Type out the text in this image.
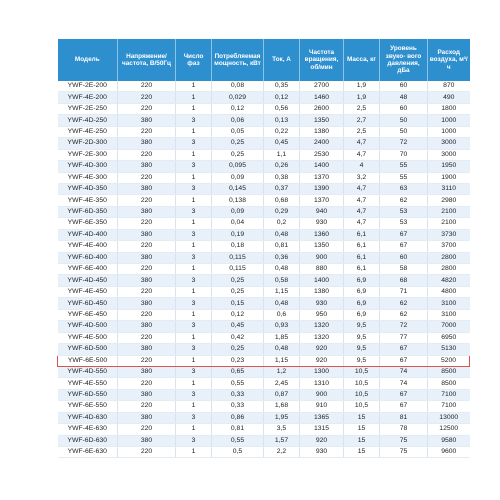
Модель	Напряжение/ частота, В/50Гц	Число фаз	Потребляемая мощность, кВт	Ток, А	Частота вращения, об/мин	Масса, кг	Уровень звуко- вого давления, дБа	Расход воздуха, м³/ч
YWF-2E-200	220	1	0,08	0,35	2700	1,9	60	870
YWF-4E-200	220	1	0,029	0,12	1460	1,9	48	490
YWF-2E-250	220	1	0,12	0,56	2600	2,5	60	1800
YWF-4D-250	380	3	0,06	0,13	1350	2,7	50	1000
YWF-4E-250	220	1	0,05	0,22	1380	2,5	50	1000
YWF-2D-300	380	3	0,25	0,45	2400	4,7	72	3000
YWF-2E-300	220	1	0,25	1,1	2530	4,7	70	3000
YWF-4D-300	380	3	0,095	0,26	1400	4	55	1950
YWF-4E-300	220	1	0,09	0,38	1370	3,2	55	1900
YWF-4D-350	380	3	0,145	0,37	1390	4,7	63	3110
YWF-4E-350	220	1	0,138	0,68	1370	4,7	62	2980
YWF-6D-350	380	3	0,09	0,29	940	4,7	53	2100
YWF-6E-350	220	1	0,04	0,2	930	4,7	53	2100
YWF-4D-400	380	3	0,19	0,48	1360	6,1	67	3730
YWF-4E-400	220	1	0,18	0,81	1350	6,1	67	3700
YWF-6D-400	380	3	0,115	0,36	900	6,1	60	2800
YWF-6E-400	220	1	0,115	0,48	880	6,1	58	2800
YWF-4D-450	380	3	0,25	0,58	1400	6,9	68	4820
YWF-4E-450	220	1	0,25	1,15	1380	6,9	71	4800
YWF-6D-450	380	3	0,15	0,48	930	6,9	62	3100
YWF-6E-450	220	1	0,12	0,6	950	6,9	62	3100
YWF-4D-500	380	3	0,45	0,93	1320	9,5	72	7000
YWF-4E-500	220	1	0,42	1,85	1320	9,5	77	6950
YWF-6D-500	380	3	0,25	0,48	920	9,5	67	5130
YWF-6E-500	220	1	0,23	1,15	920	9,5	67	5200
YWF-4D-550	380	3	0,65	1,2	1300	10,5	74	8500
YWF-4E-550	220	1	0,55	2,45	1310	10,5	74	8500
YWF-6D-550	380	3	0,33	0,87	900	10,5	67	7100
YWF-6E-550	220	1	0,33	1,68	910	10,5	67	7100
YWF-4D-630	380	3	0,86	1,95	1365	15	81	13000
YWF-4E-630	220	1	0,81	3,5	1315	15	78	12500
YWF-6D-630	380	3	0,55	1,57	920	15	75	9580
YWF-6E-630	220	1	0,5	2,2	930	15	75	9600
